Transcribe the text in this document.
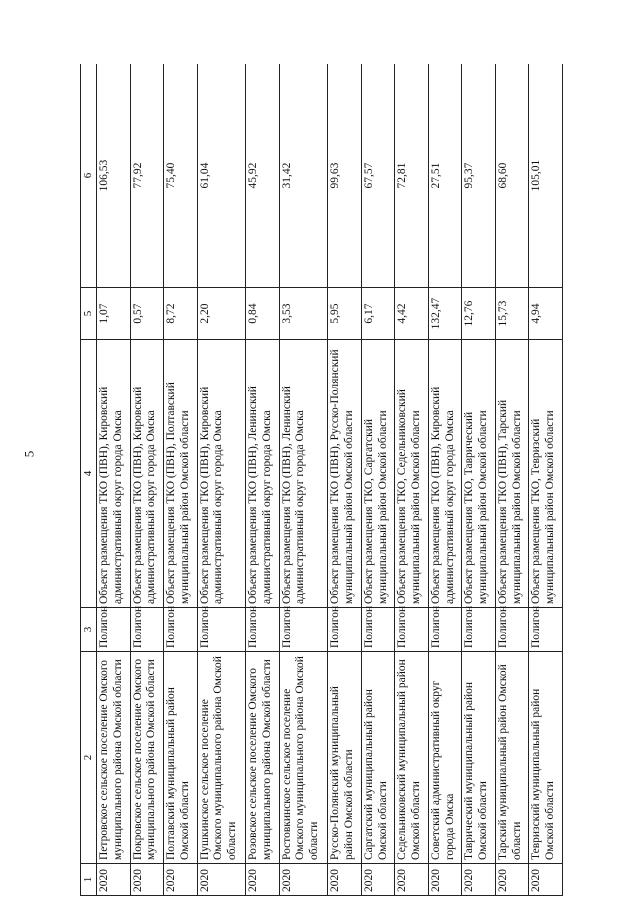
5
1	2	3	4	5	6
2020	Петровское сельское поселение Омского муниципального района Омской области	Полигон	Объект размещения ТКО (ПВН), Кировский административный округ города Омска	1,07	106,53
2020	Покровское сельское поселение Омского муниципального района Омской области	Полигон	Объект размещения ТКО (ПВН), Кировский административный округ города Омска	0,57	77,92
2020	Полтавский муниципальный район Омской области	Полигон	Объект размещения ТКО (ПВН), Полтавский муниципальный район Омской области	8,72	75,40
2020	Пушкинское сельское поселение Омского муниципального района Омской области	Полигон	Объект размещения ТКО (ПВН), Кировский административный округ города Омска	2,20	61,04
2020	Розовское сельское поселение Омского муниципального района Омской области	Полигон	Объект размещения ТКО (ПВН), Ленинский административный округ города Омска	0,84	45,92
2020	Ростовкинское сельское поселение Омского муниципального района Омской области	Полигон	Объект размещения ТКО (ПВН), Ленинский административный округ города Омска	3,53	31,42
2020	Русско-Полянский муниципальный район Омской области	Полигон	Объект размещения ТКО (ПВН), Русско-Полянский муниципальный район Омской области	5,95	99,63
2020	Саргатский муниципальный район Омской области	Полигон	Объект размещения ТКО, Саргатский муниципальный район Омской области	6,17	67,57
2020	Седельниковский муниципальный район Омской области	Полигон	Объект размещения ТКО, Седельниковский муниципальный район Омской области	4,42	72,81
2020	Советский административный округ города Омска	Полигон	Объект размещения ТКО (ПВН), Кировский административный округ города Омска	132,47	27,51
2020	Таврический муниципальный район Омской области	Полигон	Объект размещения ТКО, Таврический муниципальный район Омской области	12,76	95,37
2020	Тарский муниципальный район Омской области	Полигон	Объект размещения ТКО (ПВН), Тарский муниципальный район Омской области	15,73	68,60
2020	Тевризский муниципальный район Омской области	Полигон	Объект размещения ТКО, Тевризский муниципальный район Омской области	4,94	105,01
